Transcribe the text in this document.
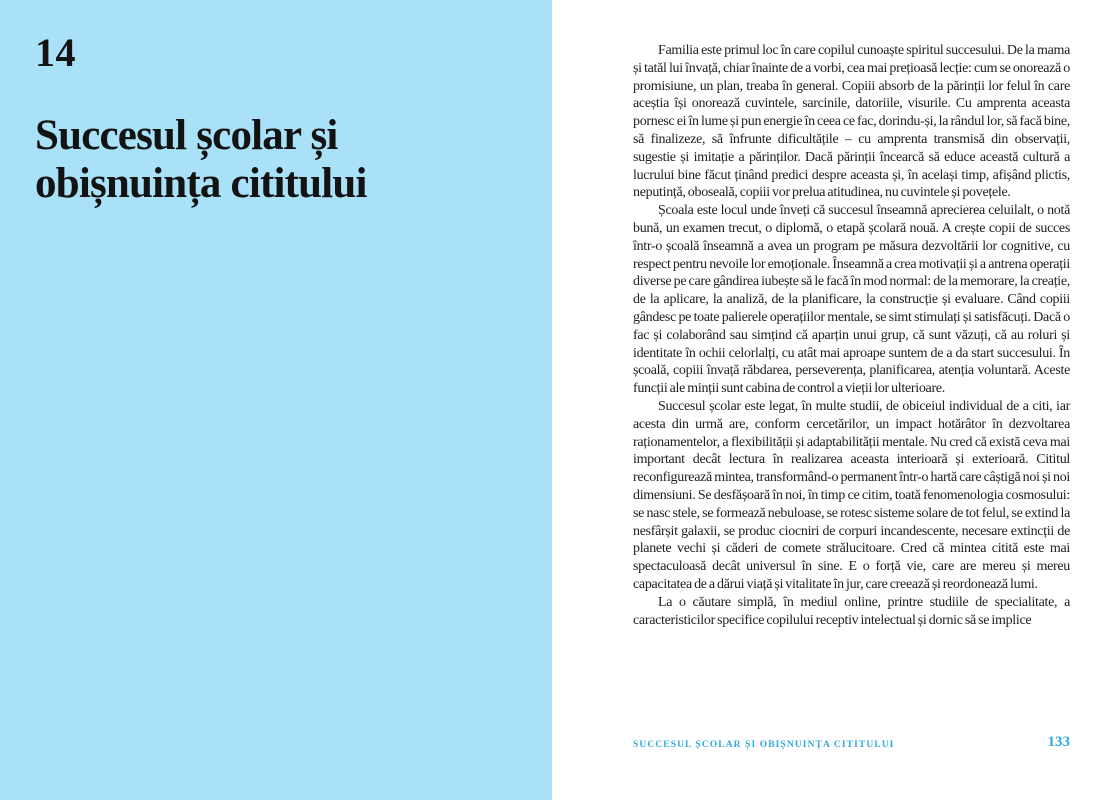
14
Succesul școlar și obișnuința cititului

Familia este primul loc în care copilul cunoaște spiritul succesului. De la mama și tatăl lui învață, chiar înainte de a vorbi, cea mai prețioasă lecție: cum se onorează o promisiune, un plan, treaba în general. Copiii absorb de la părinții lor felul în care aceștia își onorează cuvintele, sarcinile, datoriile, visurile. Cu amprenta aceasta pornesc ei în lume și pun energie în ceea ce fac, dorindu-și, la rândul lor, să facă bine, să finalizeze, să înfrunte dificultățile – cu amprenta transmisă din observații, sugestie și imitație a părinților. Dacă părinții încearcă să educe această cultură a lucrului bine făcut ținând predici despre aceasta și, în același timp, afișând plictis, neputință, oboseală, copiii vor prelua atitudinea, nu cuvintele și povețele.

Școala este locul unde înveți că succesul înseamnă aprecierea celuilalt, o notă bună, un examen trecut, o diplomă, o etapă școlară nouă. A crește copii de succes într-o școală înseamnă a avea un program pe măsura dezvoltării lor cognitive, cu respect pentru nevoile lor emoționale. Înseamnă a crea motivații și a antrena operații diverse pe care gândirea iubește să le facă în mod normal: de la memorare, la creație, de la aplicare, la analiză, de la planificare, la construcție și evaluare. Când copiii gândesc pe toate palierele operațiilor mentale, se simt stimulați și satisfăcuți. Dacă o fac și colaborând sau simțind că aparțin unui grup, că sunt văzuți, că au roluri și identitate în ochii celorlalți, cu atât mai aproape suntem de a da start succesului. În școală, copiii învață răbdarea, perseverența, planificarea, atenția voluntară. Aceste funcții ale minții sunt cabina de control a vieții lor ulterioare.

Succesul școlar este legat, în multe studii, de obiceiul individual de a citi, iar acesta din urmă are, conform cercetărilor, un impact hotărâtor în dezvoltarea raționamentelor, a flexibilității și adaptabilității mentale. Nu cred că există ceva mai important decât lectura în realizarea aceasta interioară și exterioară. Cititul reconfigurează mintea, transformând-o permanent într-o hartă care câștigă noi și noi dimensiuni. Se desfășoară în noi, în timp ce citim, toată fenomenologia cosmosului: se nasc stele, se formează nebuloase, se rotesc sisteme solare de tot felul, se extind la nesfârșit galaxii, se produc ciocniri de corpuri incandescente, necesare extincții de planete vechi și căderi de comete strălucitoare. Cred că mintea citită este mai spectaculoasă decât universul în sine. E o forță vie, care are mereu și mereu capacitatea de a dărui viață și vitalitate în jur, care creează și reordonează lumi.

La o căutare simplă, în mediul online, printre studiile de specialitate, a caracteristicilor specifice copilului receptiv intelectual și dornic să se implice

SUCCESUL ȘCOLAR ȘI OBIȘNUINȚA CITITULUI	133
